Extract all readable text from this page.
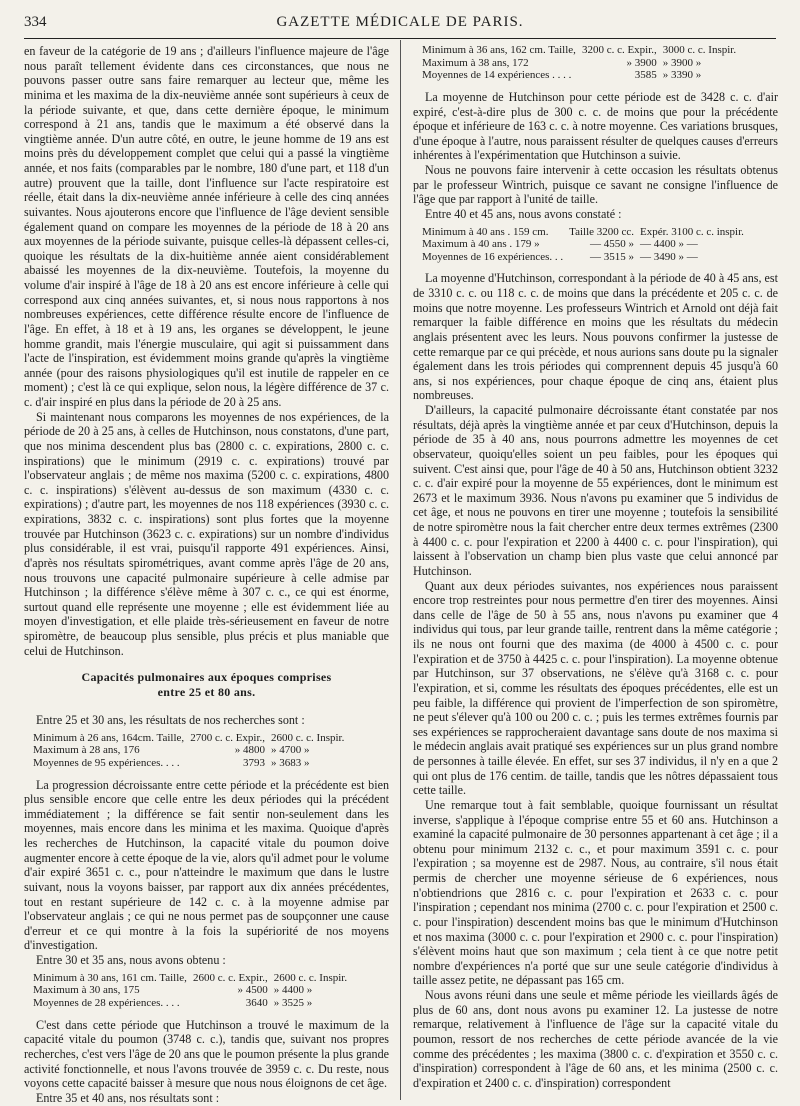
334	GAZETTE MÉDICALE DE PARIS.

en faveur de la catégorie de 19 ans ; d'ailleurs l'influence majeure de l'âge nous paraît tellement évidente dans ces circonstances, que nous ne pouvons passer outre sans faire remarquer au lecteur que, même les minima et les maxima de la dix-neuvième année sont supérieurs à ceux de la période suivante, et que, dans cette dernière époque, le minimum correspond à 21 ans, tandis que le maximum a été observé dans la vingtième année. D'un autre côté, en outre, le jeune homme de 19 ans est moins près du développement complet que celui qui a passé la vingtième année, et nos faits (comparables par le nombre, 180 d'une part, et 118 d'un autre) prouvent que la taille, dont l'influence sur l'acte respiratoire est réelle, était dans la dix-neuvième année inférieure à celle des cinq années suivantes. Nous ajouterons encore que l'influence de l'âge devient sensible également quand on compare les moyennes de la période de 18 à 20 ans aux moyennes de la période suivante, puisque celles-là dépassent celles-ci, quoique les résultats de la dix-huitième année aient considérablement abaissé les moyennes de la dix-neuvième. Toutefois, la moyenne du volume d'air inspiré à l'âge de 18 à 20 ans est encore inférieure à celle qui correspond aux cinq années suivantes, et, si nous nous rapportons à nos nombreuses expériences, cette différence résulte encore de l'influence de l'âge. En effet, à 18 et à 19 ans, les organes se développent, le jeune homme grandit, mais l'énergie musculaire, qui agit si puissamment dans l'acte de l'inspiration, est évidemment moins grande qu'après la vingtième année (pour des raisons physiologiques qu'il est inutile de rappeler en ce moment) ; c'est là ce qui explique, selon nous, la légère différence de 37 c. c. d'air inspiré en plus dans la période de 20 à 25 ans.

Si maintenant nous comparons les moyennes de nos expériences, de la période de 20 à 25 ans, à celles de Hutchinson, nous constatons, d'une part, que nos minima descendent plus bas (2800 c. c. expirations, 2800 c. c. inspirations) que le minimum (2919 c. c. expirations) trouvé par l'observateur anglais ; de même nos maxima (5200 c. c. expirations, 4800 c. c. inspirations) s'élèvent au-dessus de son maximum (4330 c. c. expirations) ; d'autre part, les moyennes de nos 118 expériences (3930 c. c. expirations, 3832 c. c. inspirations) sont plus fortes que la moyenne trouvée par Hutchinson (3623 c. c. expirations) sur un nombre d'individus plus considérable, il est vrai, puisqu'il rapporte 491 expériences. Ainsi, d'après nos résultats spirométriques, avant comme après l'âge de 20 ans, nous trouvons une capacité pulmonaire supérieure à celle admise par Hutchinson ; la différence s'élève même à 307 c. c., ce qui est énorme, surtout quand elle représente une moyenne ; elle est évidemment liée au moyen d'investigation, et elle plaide très-sérieusement en faveur de notre spiromètre, de beaucoup plus sensible, plus précis et plus maniable que celui de Hutchinson.

Capacités pulmonaires aux époques comprises
entre 25 et 80 ans.

Entre 25 et 30 ans, les résultats de nos recherches sont :

Minimum à 26 ans, 164cm. Taille,	2700 c. c. Expir.,	2600 c. c. Inspir.
Maximum à 28 ans, 176	» 4800	» 4700 »
Moyennes de 95 expériences. . . .	3793	» 3683 »

La progression décroissante entre cette période et la précédente est bien plus sensible encore que celle entre les deux périodes qui la précédent immédiatement ; la différence se fait sentir non-seulement dans les moyennes, mais encore dans les minima et les maxima. Quoique d'après les recherches de Hutchinson, la capacité vitale du poumon doive augmenter encore à cette époque de la vie, alors qu'il admet pour le volume d'air expiré 3651 c. c., pour n'atteindre le maximum que dans le lustre suivant, nous la voyons baisser, par rapport aux dix années précédentes, tout en restant supérieure de 142 c. c. à la moyenne admise par l'observateur anglais ; ce qui ne nous permet pas de soupçonner une cause d'erreur et ce qui montre à la fois la supériorité de nos moyens d'investigation.

Entre 30 et 35 ans, nous avons obtenu :

Minimum à 30 ans, 161 cm. Taille,	2600 c. c. Expir.,	2600 c. c. Inspir.
Maximum à 30 ans, 175	» 4500	» 4400 »
Moyennes de 28 expériences. . . .	3640	» 3525 »

C'est dans cette période que Hutchinson a trouvé le maximum de la capacité vitale du poumon (3748 c. c.), tandis que, suivant nos propres recherches, c'est vers l'âge de 20 ans que le poumon présente la plus grande activité fonctionnelle, et nous l'avons trouvée de 3959 c. c. Du reste, nous voyons cette capacité baisser à mesure que nous nous éloignons de cet âge.

Entre 35 et 40 ans, nos résultats sont :

Minimum à 36 ans, 162 cm. Taille,	3200 c. c. Expir.,	3000 c. c. Inspir.
Maximum à 38 ans, 172	» 3900	» 3900 »
Moyennes de 14 expériences . . . .	3585	» 3390 »

La moyenne de Hutchinson pour cette période est de 3428 c. c. d'air expiré, c'est-à-dire plus de 300 c. c. de moins que pour la précédente époque et inférieure de 163 c. c. à notre moyenne. Ces variations brusques, d'une époque à l'autre, nous paraissent résulter de quelques causes d'erreurs inhérentes à l'expérimentation que Hutchinson a suivie.

Nous ne pouvons faire intervenir à cette occasion les résultats obtenus par le professeur Wintrich, puisque ce savant ne consigne l'influence de l'âge que par rapport à l'unité de taille.

Entre 40 et 45 ans, nous avons constaté :

Minimum à 40 ans . 159 cm.	Taille 3200 cc.	Expér. 3100 c. c. inspir.
Maximum à 40 ans . 179 »	— 4550 »	— 4400 » —
Moyennes de 16 expériences. . .	— 3515 »	— 3490 » —

La moyenne d'Hutchinson, correspondant à la période de 40 à 45 ans, est de 3310 c. c. ou 118 c. c. de moins que dans la précédente et 205 c. c. de moins que notre moyenne. Les professeurs Wintrich et Arnold ont déjà fait remarquer la faible différence en moins que les résultats du médecin anglais présentent avec les leurs. Nous pouvons confirmer la justesse de cette remarque par ce qui précède, et nous aurions sans doute pu la signaler également dans les trois périodes qui comprennent depuis 45 jusqu'à 60 ans, si nos expériences, pour chaque époque de cinq ans, étaient plus nombreuses.

D'ailleurs, la capacité pulmonaire décroissante étant constatée par nos résultats, déjà après la vingtième année et par ceux d'Hutchinson, depuis la période de 35 à 40 ans, nous pourrons admettre les moyennes de cet observateur, quoiqu'elles soient un peu faibles, pour les époques qui suivent. C'est ainsi que, pour l'âge de 40 à 50 ans, Hutchinson obtient 3232 c. c. d'air expiré pour la moyenne de 55 expériences, dont le minimum est 2673 et le maximum 3936. Nous n'avons pu examiner que 5 individus de cet âge, et nous ne pouvons en tirer une moyenne ; toutefois la sensibilité de notre spiromètre nous la fait chercher entre deux termes extrêmes (2300 à 4400 c. c. pour l'expiration et 2200 à 4400 c. c. pour l'inspiration), qui laissent à l'observation un champ bien plus vaste que celui annoncé par Hutchinson.

Quant aux deux périodes suivantes, nos expériences nous paraissent encore trop restreintes pour nous permettre d'en tirer des moyennes. Ainsi dans celle de l'âge de 50 à 55 ans, nous n'avons pu examiner que 4 individus qui tous, par leur grande taille, rentrent dans la même catégorie ; ils ne nous ont fourni que des maxima (de 4000 à 4500 c. c. pour l'expiration et de 3750 à 4425 c. c. pour l'inspiration). La moyenne obtenue par Hutchinson, sur 37 observations, ne s'élève qu'à 3168 c. c. pour l'expiration, et si, comme les résultats des époques précédentes, elle est un peu faible, la différence qui provient de l'imperfection de son spiromètre, ne peut s'élever qu'à 100 ou 200 c. c. ; puis les termes extrêmes fournis par ses expériences se rapprocheraient davantage sans doute de nos maxima si le médecin anglais avait pratiqué ses expériences sur un plus grand nombre de personnes à taille élevée. En effet, sur ses 37 individus, il n'y en a que 2 qui ont plus de 176 centim. de taille, tandis que les nôtres dépassaient tous cette taille.

Une remarque tout à fait semblable, quoique fournissant un résultat inverse, s'applique à l'époque comprise entre 55 et 60 ans. Hutchinson a examiné la capacité pulmonaire de 30 personnes appartenant à cet âge ; il a obtenu pour minimum 2132 c. c., et pour maximum 3591 c. c. pour l'expiration ; sa moyenne est de 2987. Nous, au contraire, s'il nous était permis de chercher une moyenne sérieuse de 6 expériences, nous n'obtiendrions que 2816 c. c. pour l'expiration et 2633 c. c. pour l'inspiration ; cependant nos minima (2700 c. c. pour l'expiration et 2500 c. c. pour l'inspiration) descendent moins bas que le minimum d'Hutchinson et nos maxima (3000 c. c. pour l'expiration et 2900 c. c. pour l'inspiration) s'élèvent moins haut que son maximum ; cela tient à ce que notre petit nombre d'expériences n'a porté que sur une seule catégorie d'individus à taille assez petite, ne dépassant pas 165 cm.

Nous avons réuni dans une seule et même période les vieillards âgés de plus de 60 ans, dont nous avons pu examiner 12. La justesse de notre remarque, relativement à l'influence de l'âge sur la capacité vitale du poumon, ressort de nos recherches de cette période avancée de la vie comme des précédentes ; les maxima (3800 c. c. d'expiration et 3550 c. c. d'inspiration) correspondent à l'âge de 60 ans, et les minima (2500 c. c. d'expiration et 2400 c. c. d'inspiration) correspondent
